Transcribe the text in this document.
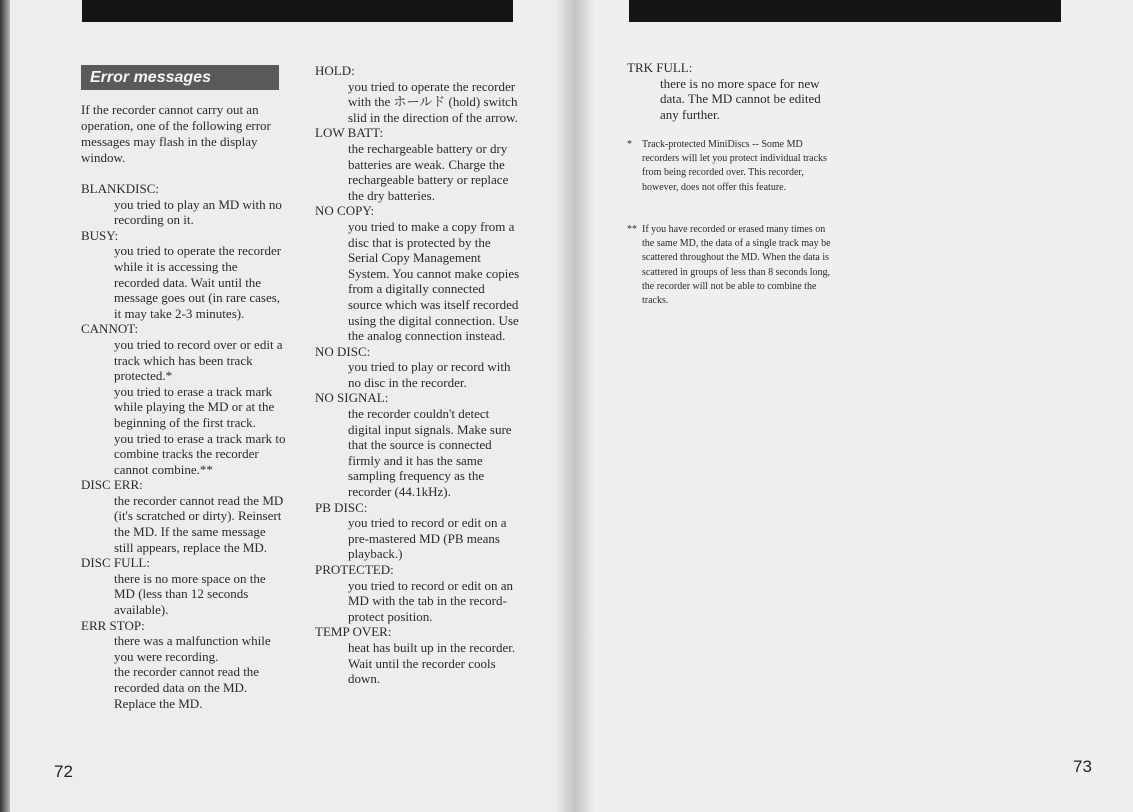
Error messages
If the recorder cannot carry out an operation, one of the following error messages may flash in the display window.
BLANKDISC:
you tried to play an MD with no recording on it.
BUSY:
you tried to operate the recorder while it is accessing the recorded data. Wait until the message goes out (in rare cases, it may take 2-3 minutes).
CANNOT:
you tried to record over or edit a track which has been track protected.*
you tried to erase a track mark while playing the MD or at the beginning of the first track.
you tried to erase a track mark to combine tracks the recorder cannot combine.**
DISC ERR:
the recorder cannot read the MD (it's scratched or dirty). Reinsert the MD. If the same message still appears, replace the MD.
DISC FULL:
there is no more space on the MD (less than 12 seconds available).
ERR STOP:
there was a malfunction while you were recording.
the recorder cannot read the recorded data on the MD. Replace the MD.
HOLD:
you tried to operate the recorder with the ホールド (hold) switch slid in the direction of the arrow.
LOW BATT:
the rechargeable battery or dry batteries are weak. Charge the rechargeable battery or replace the dry batteries.
NO COPY:
you tried to make a copy from a disc that is protected by the Serial Copy Management System. You cannot make copies from a digitally connected source which was itself recorded using the digital connection. Use the analog connection instead.
NO DISC:
you tried to play or record with no disc in the recorder.
NO SIGNAL:
the recorder couldn't detect digital input signals. Make sure that the source is connected firmly and it has the same sampling frequency as the recorder (44.1kHz).
PB DISC:
you tried to record or edit on a pre-mastered MD (PB means playback.)
PROTECTED:
you tried to record or edit on an MD with the tab in the record-protect position.
TEMP OVER:
heat has built up in the recorder. Wait until the recorder cools down.
72
TRK FULL:
there is no more space for new data. The MD cannot be edited any further.
* Track-protected MiniDiscs -- Some MD recorders will let you protect individual tracks from being recorded over. This recorder, however, does not offer this feature.
** If you have recorded or erased many times on the same MD, the data of a single track may be scattered throughout the MD. When the data is scattered in groups of less than 8 seconds long, the recorder will not be able to combine the tracks.
73
